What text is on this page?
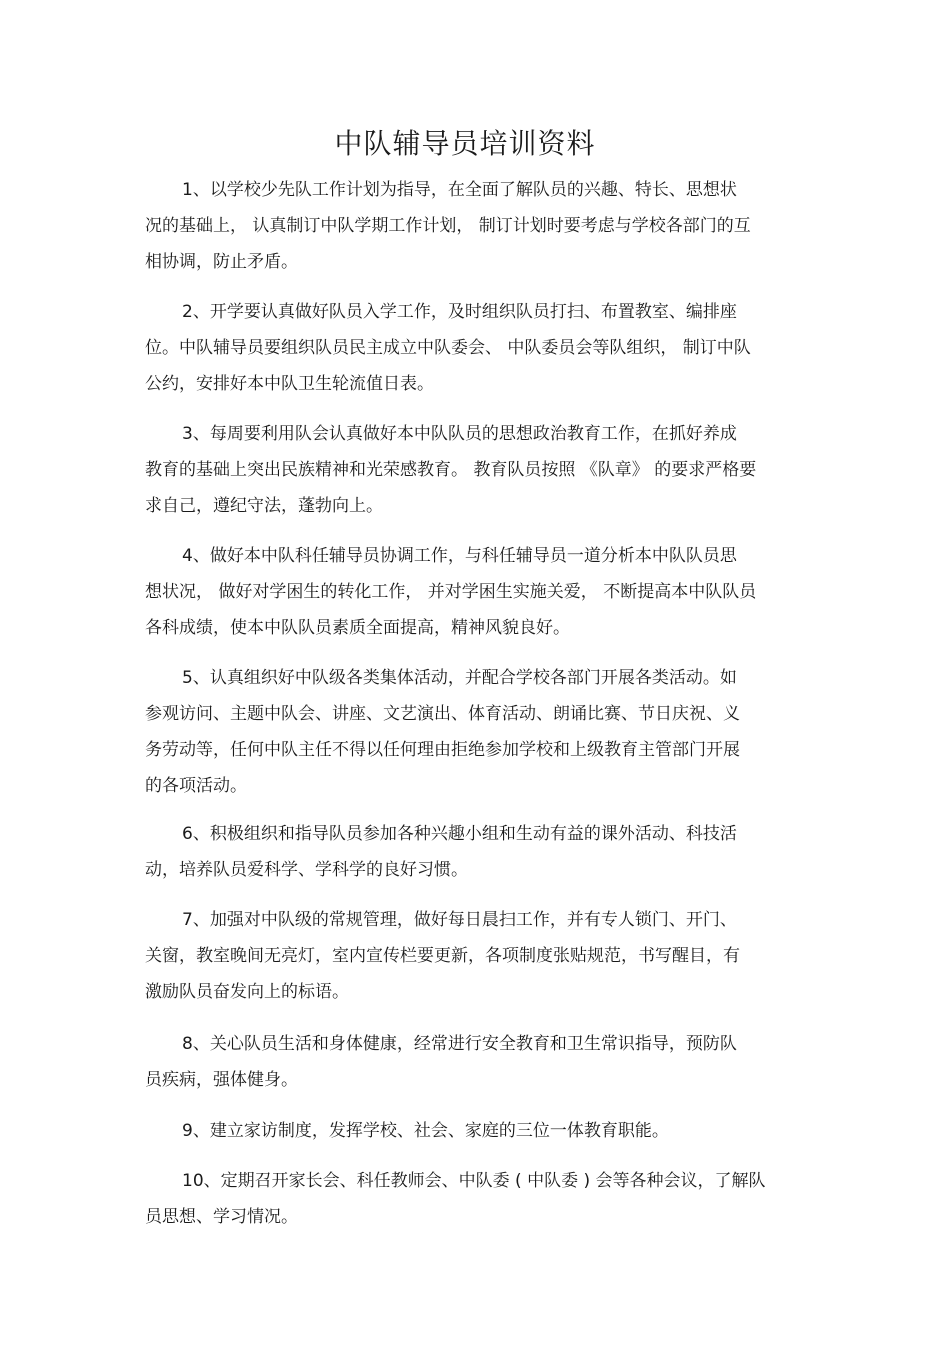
中队辅导员培训资料
1、以学校少先队工作计划为指导，在全面了解队员的兴趣、特长、思想状
况的基础上， 认真制订中队学期工作计划， 制订计划时要考虑与学校各部门的互
相协调，防止矛盾。
2、开学要认真做好队员入学工作，及时组织队员打扫、布置教室、编排座
位。中队辅导员要组织队员民主成立中队委会、 中队委员会等队组织， 制订中队
公约，安排好本中队卫生轮流值日表。
3、每周要利用队会认真做好本中队队员的思想政治教育工作，在抓好养成
教育的基础上突出民族精神和光荣感教育。 教育队员按照 《队章》 的要求严格要
求自己，遵纪守法，蓬勃向上。
4、做好本中队科任辅导员协调工作，与科任辅导员一道分析本中队队员思
想状况， 做好对学困生的转化工作， 并对学困生实施关爱， 不断提高本中队队员
各科成绩，使本中队队员素质全面提高，精神风貌良好。
5、认真组织好中队级各类集体活动，并配合学校各部门开展各类活动。如
参观访问、主题中队会、讲座、文艺演出、体育活动、朗诵比赛、节日庆祝、义
务劳动等，任何中队主任不得以任何理由拒绝参加学校和上级教育主管部门开展
的各项活动。
6、积极组织和指导队员参加各种兴趣小组和生动有益的课外活动、科技活
动，培养队员爱科学、学科学的良好习惯。
7、加强对中队级的常规管理，做好每日晨扫工作，并有专人锁门、开门、
关窗，教室晚间无亮灯，室内宣传栏要更新，各项制度张贴规范，书写醒目，有
激励队员奋发向上的标语。
8、关心队员生活和身体健康，经常进行安全教育和卫生常识指导，预防队
员疾病，强体健身。
9、建立家访制度，发挥学校、社会、家庭的三位一体教育职能。
10、定期召开家长会、科任教师会、中队委 ( 中队委 ) 会等各种会议，了解队
员思想、学习情况。
